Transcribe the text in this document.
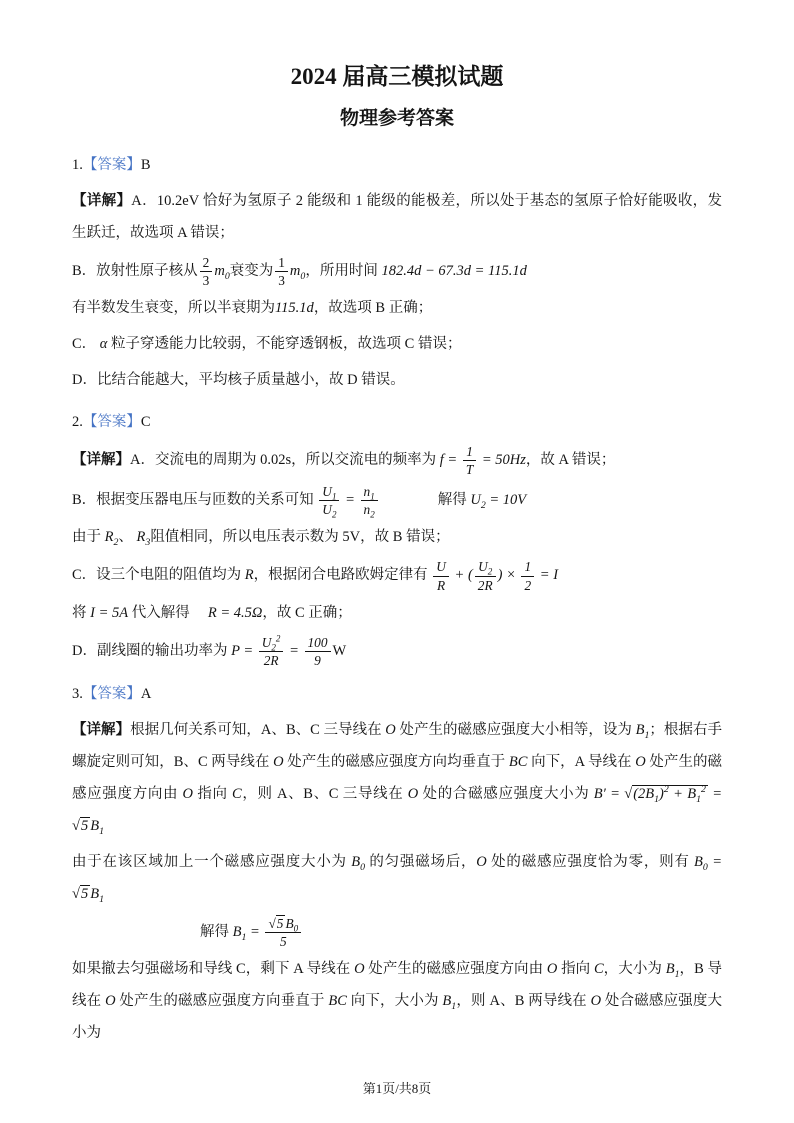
2024 届高三模拟试题
物理参考答案

1.【答案】B

【详解】A．10.2eV 恰好为氢原子 2 能级和 1 能级的能极差，所以处于基态的氢原子恰好能吸收，发生跃迁，故选项 A 错误；

B．放射性原子核从 $\frac{2}{3} m_0$衰变为 $\frac{1}{3} m_0$，所用时间 182.4d − 67.3d = 115.1d

有半数发生衰变，所以半衰期为115.1d，故选项 B 正确；

C． α 粒子穿透能力比较弱，不能穿透钢板，故选项 C 错误；

D．比结合能越大，平均核子质量越小，故 D 错误。

2.【答案】C

【详解】A．交流电的周期为 0.02s，所以交流电的频率为 $f = \frac{1}{T} = 50Hz$，故 A 错误；

B．根据变压器电压与匝数的关系可知 $\frac{U_1}{U_2} = \frac{n_1}{n_2}$ 　　　　解得 $U_2 = 10V$

由于 $R_2$、 $R_3$阻值相同，所以电压表示数为 5V，故 B 错误；

C．设三个电阻的阻值均为 R，根据闭合电路欧姆定律有 $\frac{U}{R}$ + ( $\frac{U_2}{2R}$ ) × $\frac{1}{2} = I$

将 I = 5A 代入解得　 R = 4.5Ω，故 C 正确；

D．副线圈的输出功率为 $P = \frac{U_2^2}{2R} = \frac{100}{9}$ W

3.【答案】A

【详解】根据几何关系可知，A、B、C 三导线在 O 处产生的磁感应强度大小相等，设为 $B_1$；根据右手螺旋定则可知，B、C 两导线在 O 处产生的磁感应强度方向均垂直于 BC 向下，A 导线在 O 处产生的磁感应强度方向由 O 指向 C，则 A、B、C 三导线在 O 处的合磁感应强度大小为 $B' = √(2B_1)^2 + B_1^2 = √5$ $B_1$

由于在该区域加上一个磁感应强度大小为 $B_0$ 的匀强磁场后，O 处的磁感应强度恰为零，则有 $B_0 = √5$ $B_1$

解得 $B_1 = \frac{√5 B_0}{5}$

如果撤去匀强磁场和导线 C，剩下 A 导线在 O 处产生的磁感应强度方向由 O 指向 C，大小为 $B_1$，B 导线在 O 处产生的磁感应强度方向垂直于 BC 向下，大小为 $B_1$，则 A、B 两导线在 O 处合磁感应强度大小为

第1页/共8页
